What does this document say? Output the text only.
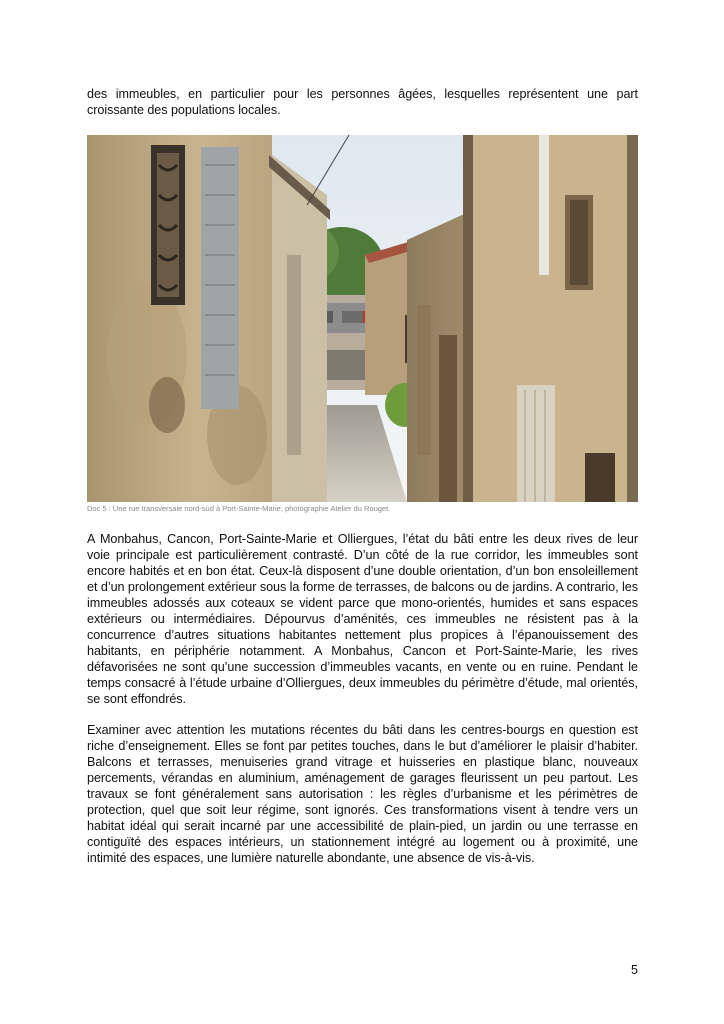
des immeubles, en particulier pour les personnes âgées, lesquelles représentent une part croissante des populations locales.

Doc 5 : Une rue transversale nord-sud à Port-Sainte-Marie, photographie Atelier du Rouget.

A Monbahus, Cancon, Port-Sainte-Marie et Olliergues, l’état du bâti entre les deux rives de leur voie principale est particulièrement contrasté. D’un côté de la rue corridor, les immeubles sont encore habités et en bon état. Ceux-là disposent d’une double orientation, d’un bon ensoleillement et d’un prolongement extérieur sous la forme de terrasses, de balcons ou de jardins. A contrario, les immeubles adossés aux coteaux se vident parce que mono-orientés, humides et sans espaces extérieurs ou intermédiaires. Dépourvus d’aménités, ces immeubles ne résistent pas à la concurrence d’autres situations habitantes nettement plus propices à l’épanouissement des habitants, en périphérie notamment. A Monbahus, Cancon et Port-Sainte-Marie, les rives défavorisées ne sont qu’une succession d’immeubles vacants, en vente ou en ruine. Pendant le temps consacré à l’étude urbaine d’Olliergues, deux immeubles du périmètre d’étude, mal orientés, se sont effondrés.

Examiner avec attention les mutations récentes du bâti dans les centres-bourgs en question est riche d’enseignement. Elles se font par petites touches, dans le but d’améliorer le plaisir d’habiter. Balcons et terrasses, menuiseries grand vitrage et huisseries en plastique blanc, nouveaux percements, vérandas en aluminium, aménagement de garages fleurissent un peu partout. Les travaux se font généralement sans autorisation : les règles d’urbanisme et les périmètres de protection, quel que soit leur régime, sont ignorés. Ces transformations visent à tendre vers un habitat idéal qui serait incarné par une accessibilité de plain-pied, un jardin ou une terrasse en contiguïté des espaces intérieurs, un stationnement intégré au logement ou à proximité, une intimité des espaces, une lumière naturelle abondante, une absence de vis-à-vis.

5
